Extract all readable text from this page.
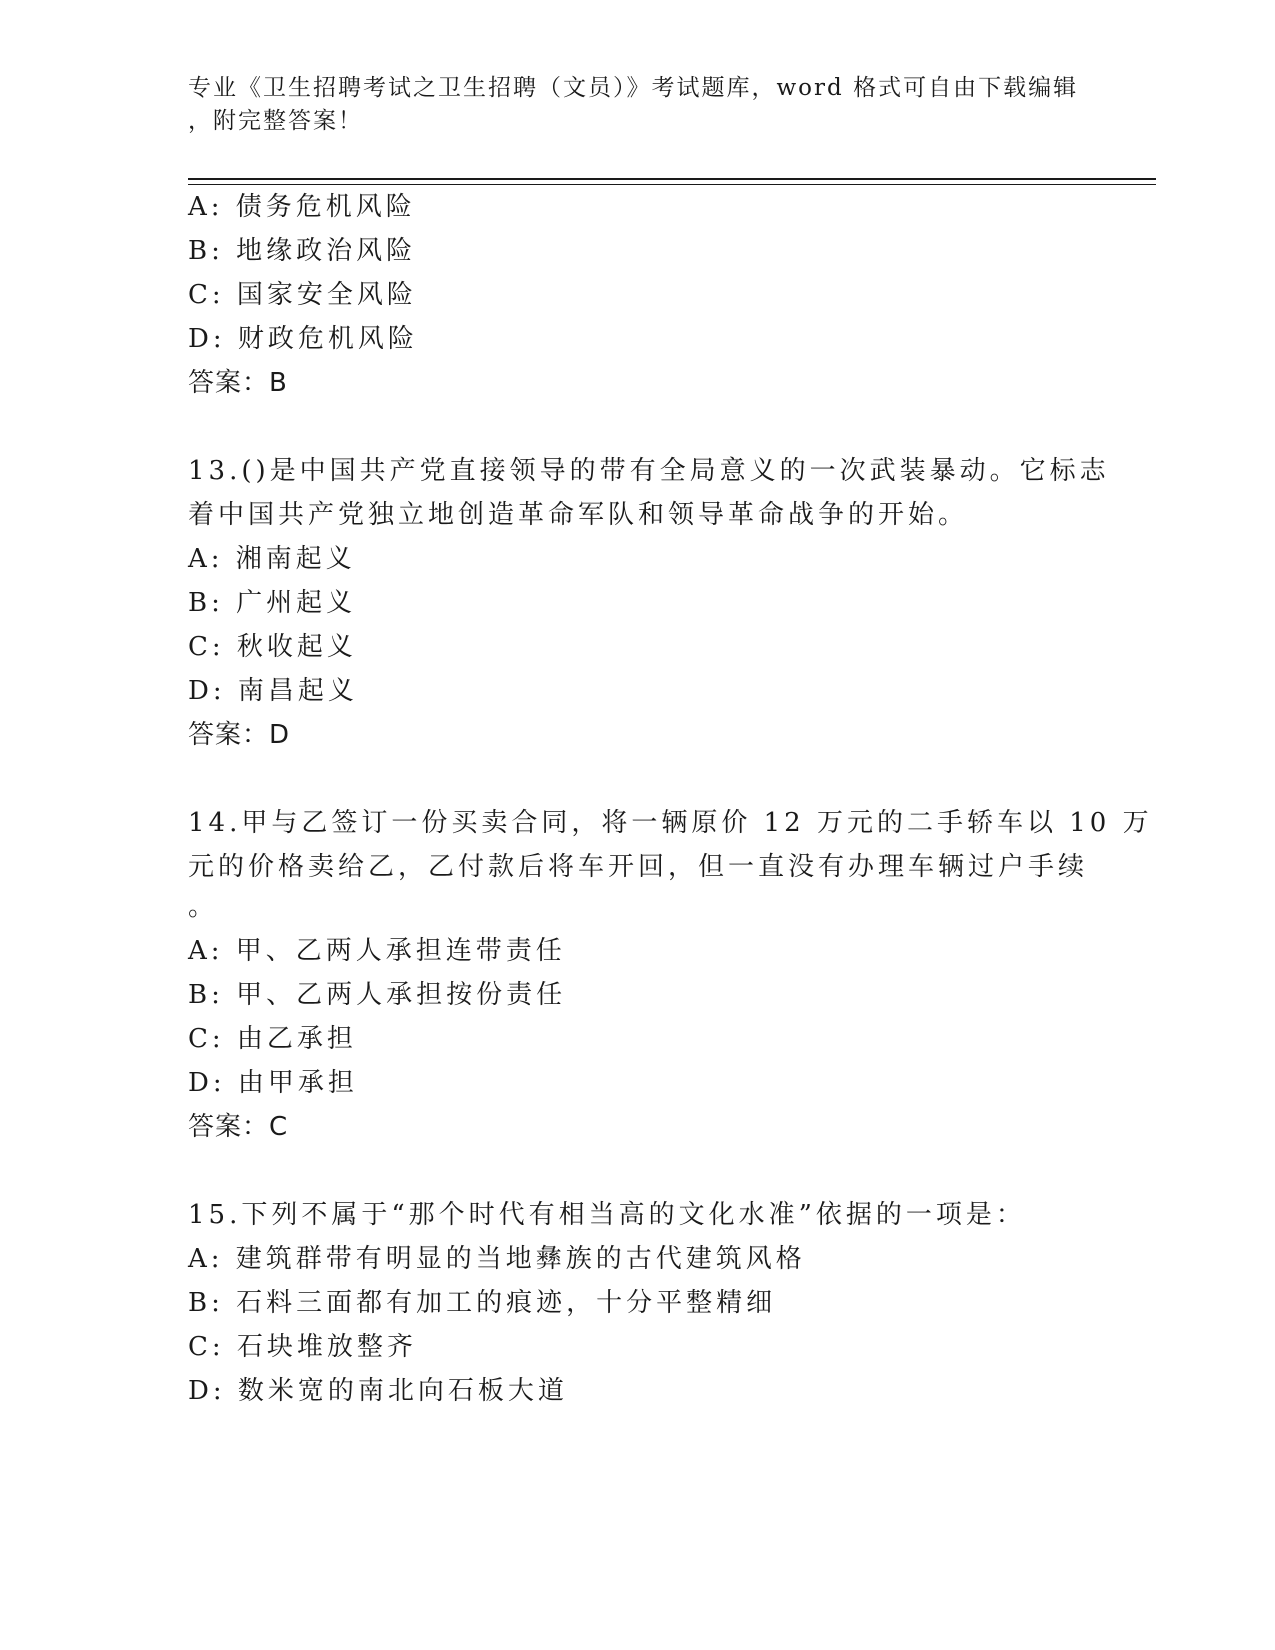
专业《卫生招聘考试之卫生招聘（文员）》考试题库，word 格式可自由下载编辑
，附完整答案！
A: 债务危机风险
B: 地缘政治风险
C: 国家安全风险
D: 财政危机风险
答案：B
13.()是中国共产党直接领导的带有全局意义的一次武装暴动。它标志
着中国共产党独立地创造革命军队和领导革命战争的开始。
A: 湘南起义
B: 广州起义
C: 秋收起义
D: 南昌起义
答案：D
14.甲与乙签订一份买卖合同，将一辆原价 12 万元的二手轿车以 10 万
元的价格卖给乙，乙付款后将车开回，但一直没有办理车辆过户手续
。
A: 甲、乙两人承担连带责任
B: 甲、乙两人承担按份责任
C: 由乙承担
D: 由甲承担
答案：C
15.下列不属于“那个时代有相当高的文化水准”依据的一项是：
A: 建筑群带有明显的当地彝族的古代建筑风格
B: 石料三面都有加工的痕迹，十分平整精细
C: 石块堆放整齐
D: 数米宽的南北向石板大道
